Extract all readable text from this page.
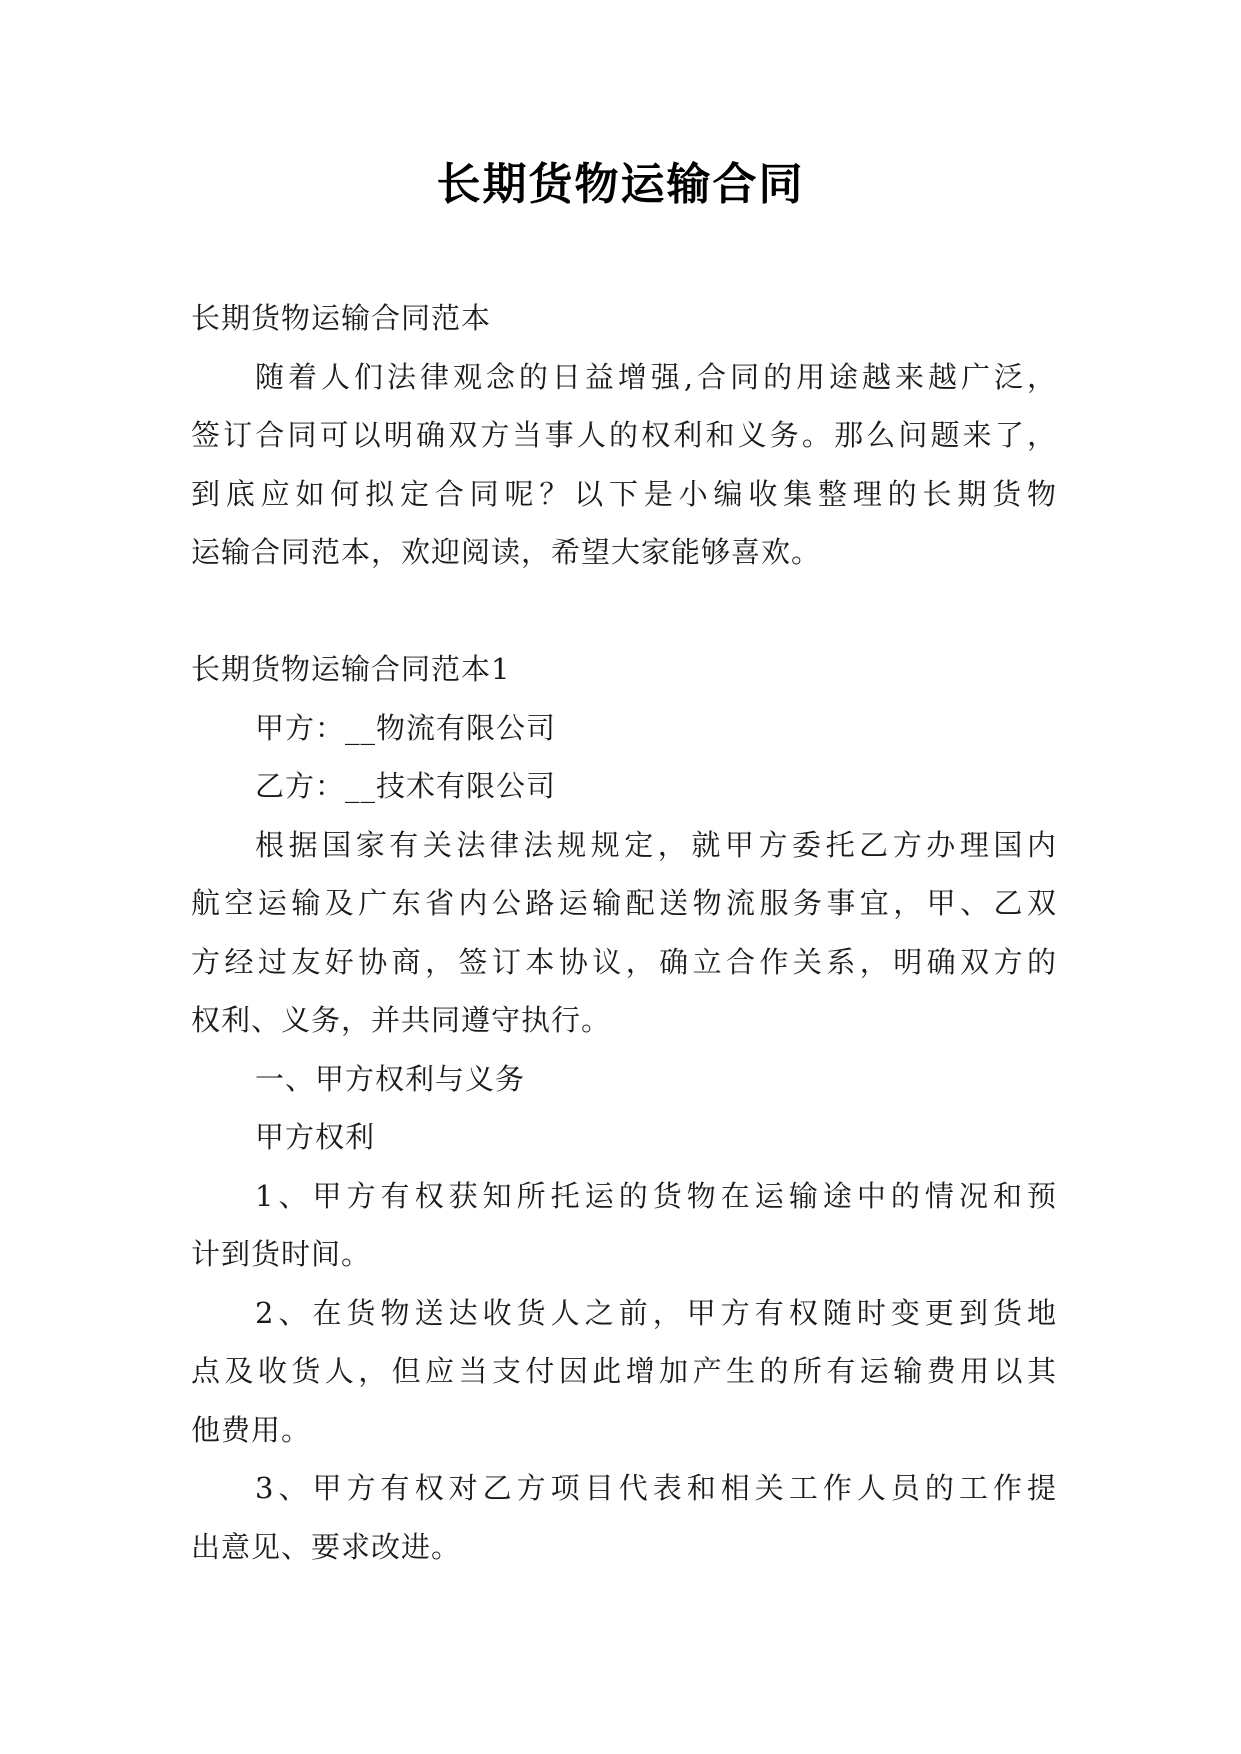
长期货物运输合同
长期货物运输合同范本
随着人们法律观念的日益增强,合同的用途越来越广泛，
签订合同可以明确双方当事人的权利和义务。那么问题来了，
到底应如何拟定合同呢？以下是小编收集整理的长期货物
运输合同范本，欢迎阅读，希望大家能够喜欢。
长期货物运输合同范本1
甲方：__物流有限公司
乙方：__技术有限公司
根据国家有关法律法规规定，就甲方委托乙方办理国内
航空运输及广东省内公路运输配送物流服务事宜，甲、乙双
方经过友好协商，签订本协议，确立合作关系，明确双方的
权利、义务，并共同遵守执行。
一、甲方权利与义务
甲方权利
1、甲方有权获知所托运的货物在运输途中的情况和预
计到货时间。
2、在货物送达收货人之前，甲方有权随时变更到货地
点及收货人，但应当支付因此增加产生的所有运输费用以其
他费用。
3、甲方有权对乙方项目代表和相关工作人员的工作提
出意见、要求改进。
